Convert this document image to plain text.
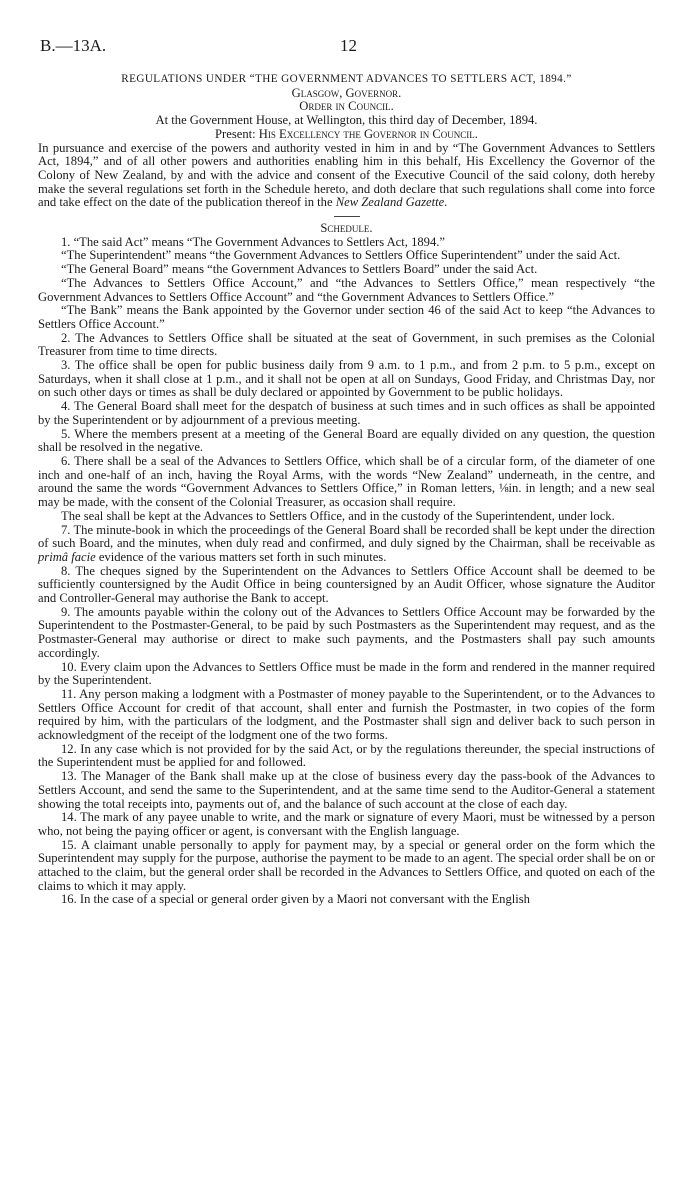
B.—13A.	12
REGULATIONS UNDER “THE GOVERNMENT ADVANCES TO SETTLERS ACT, 1894.”
Glasgow, Governor.
Order in Council.
At the Government House, at Wellington, this third day of December, 1894.
Present: His Excellency the Governor in Council.

In pursuance and exercise of the powers and authority vested in him in and by “The Government Advances to Settlers Act, 1894,” and of all other powers and authorities enabling him in this behalf, His Excellency the Governor of the Colony of New Zealand, by and with the advice and consent of the Executive Council of the said colony, doth hereby make the several regulations set forth in the Schedule hereto, and doth declare that such regulations shall come into force and take effect on the date of the publication thereof in the New Zealand Gazette.

Schedule.

1. “The said Act” means “The Government Advances to Settlers Act, 1894.”

“The Superintendent” means “the Government Advances to Settlers Office Superintendent” under the said Act.

“The General Board” means “the Government Advances to Settlers Board” under the said Act.

“The Advances to Settlers Office Account,” and “the Advances to Settlers Office,” mean respectively “the Government Advances to Settlers Office Account” and “the Government Advances to Settlers Office.”

“The Bank” means the Bank appointed by the Governor under section 46 of the said Act to keep “the Advances to Settlers Office Account.”

2. The Advances to Settlers Office shall be situated at the seat of Government, in such premises as the Colonial Treasurer from time to time directs.

3. The office shall be open for public business daily from 9 a.m. to 1 p.m., and from 2 p.m. to 5 p.m., except on Saturdays, when it shall close at 1 p.m., and it shall not be open at all on Sundays, Good Friday, and Christmas Day, nor on such other days or times as shall be duly declared or appointed by Government to be public holidays.

4. The General Board shall meet for the despatch of business at such times and in such offices as shall be appointed by the Superintendent or by adjournment of a previous meeting.

5. Where the members present at a meeting of the General Board are equally divided on any question, the question shall be resolved in the negative.

6. There shall be a seal of the Advances to Settlers Office, which shall be of a circular form, of the diameter of one inch and one-half of an inch, having the Royal Arms, with the words “New Zealand” underneath, in the centre, and around the same the words “Government Advances to Settlers Office,” in Roman letters, ⅛in. in length; and a new seal may be made, with the consent of the Colonial Treasurer, as occasion shall require.

The seal shall be kept at the Advances to Settlers Office, and in the custody of the Superintendent, under lock.

7. The minute-book in which the proceedings of the General Board shall be recorded shall be kept under the direction of such Board, and the minutes, when duly read and confirmed, and duly signed by the Chairman, shall be receivable as primâ facie evidence of the various matters set forth in such minutes.

8. The cheques signed by the Superintendent on the Advances to Settlers Office Account shall be deemed to be sufficiently countersigned by the Audit Office in being countersigned by an Audit Officer, whose signature the Auditor and Controller-General may authorise the Bank to accept.

9. The amounts payable within the colony out of the Advances to Settlers Office Account may be forwarded by the Superintendent to the Postmaster-General, to be paid by such Postmasters as the Superintendent may request, and as the Postmaster-General may authorise or direct to make such payments, and the Postmasters shall pay such amounts accordingly.

10. Every claim upon the Advances to Settlers Office must be made in the form and rendered in the manner required by the Superintendent.

11. Any person making a lodgment with a Postmaster of money payable to the Superintendent, or to the Advances to Settlers Office Account for credit of that account, shall enter and furnish the Postmaster, in two copies of the form required by him, with the particulars of the lodgment, and the Postmaster shall sign and deliver back to such person in acknowledgment of the receipt of the lodgment one of the two forms.

12. In any case which is not provided for by the said Act, or by the regulations thereunder, the special instructions of the Superintendent must be applied for and followed.

13. The Manager of the Bank shall make up at the close of business every day the pass-book of the Advances to Settlers Account, and send the same to the Superintendent, and at the same time send to the Auditor-General a statement showing the total receipts into, payments out of, and the balance of such account at the close of each day.

14. The mark of any payee unable to write, and the mark or signature of every Maori, must be witnessed by a person who, not being the paying officer or agent, is conversant with the English language.

15. A claimant unable personally to apply for payment may, by a special or general order on the form which the Superintendent may supply for the purpose, authorise the payment to be made to an agent. The special order shall be on or attached to the claim, but the general order shall be recorded in the Advances to Settlers Office, and quoted on each of the claims to which it may apply.

16. In the case of a special or general order given by a Maori not conversant with the English
